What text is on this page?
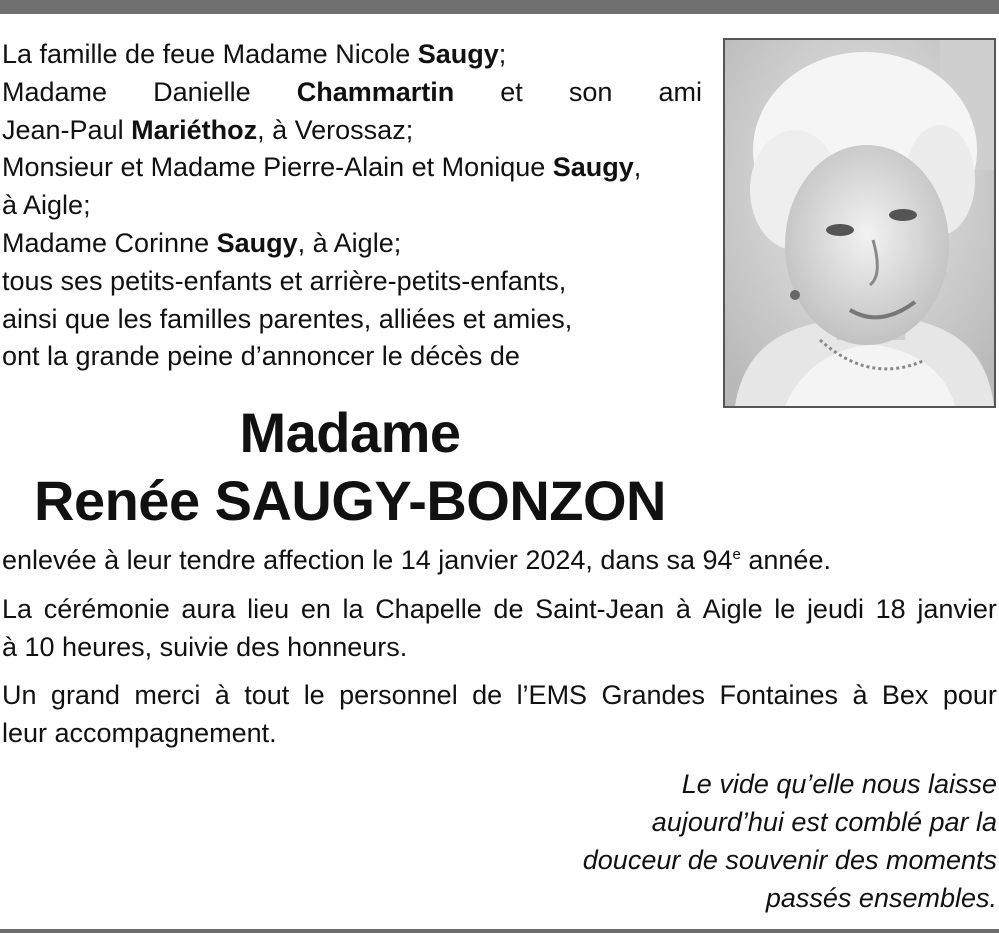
La famille de feue Madame Nicole Saugy;
Madame Danielle Chammartin et son ami
Jean-Paul Mariéthoz, à Verossaz;
Monsieur et Madame Pierre-Alain et Monique Saugy,
à Aigle;
Madame Corinne Saugy, à Aigle;
tous ses petits-enfants et arrière-petits-enfants,
ainsi que les familles parentes, alliées et amies,
ont la grande peine d’annoncer le décès de
Madame
Renée SAUGY-BONZON
enlevée à leur tendre affection le 14 janvier 2024, dans sa 94e année.
La cérémonie aura lieu en la Chapelle de Saint-Jean à Aigle le jeudi 18 janvier
à 10 heures, suivie des honneurs.
Un grand merci à tout le personnel de l’EMS Grandes Fontaines à Bex pour
leur accompagnement.
Le vide qu’elle nous laisse
aujourd’hui est comblé par la
douceur de souvenir des moments
passés ensembles.
